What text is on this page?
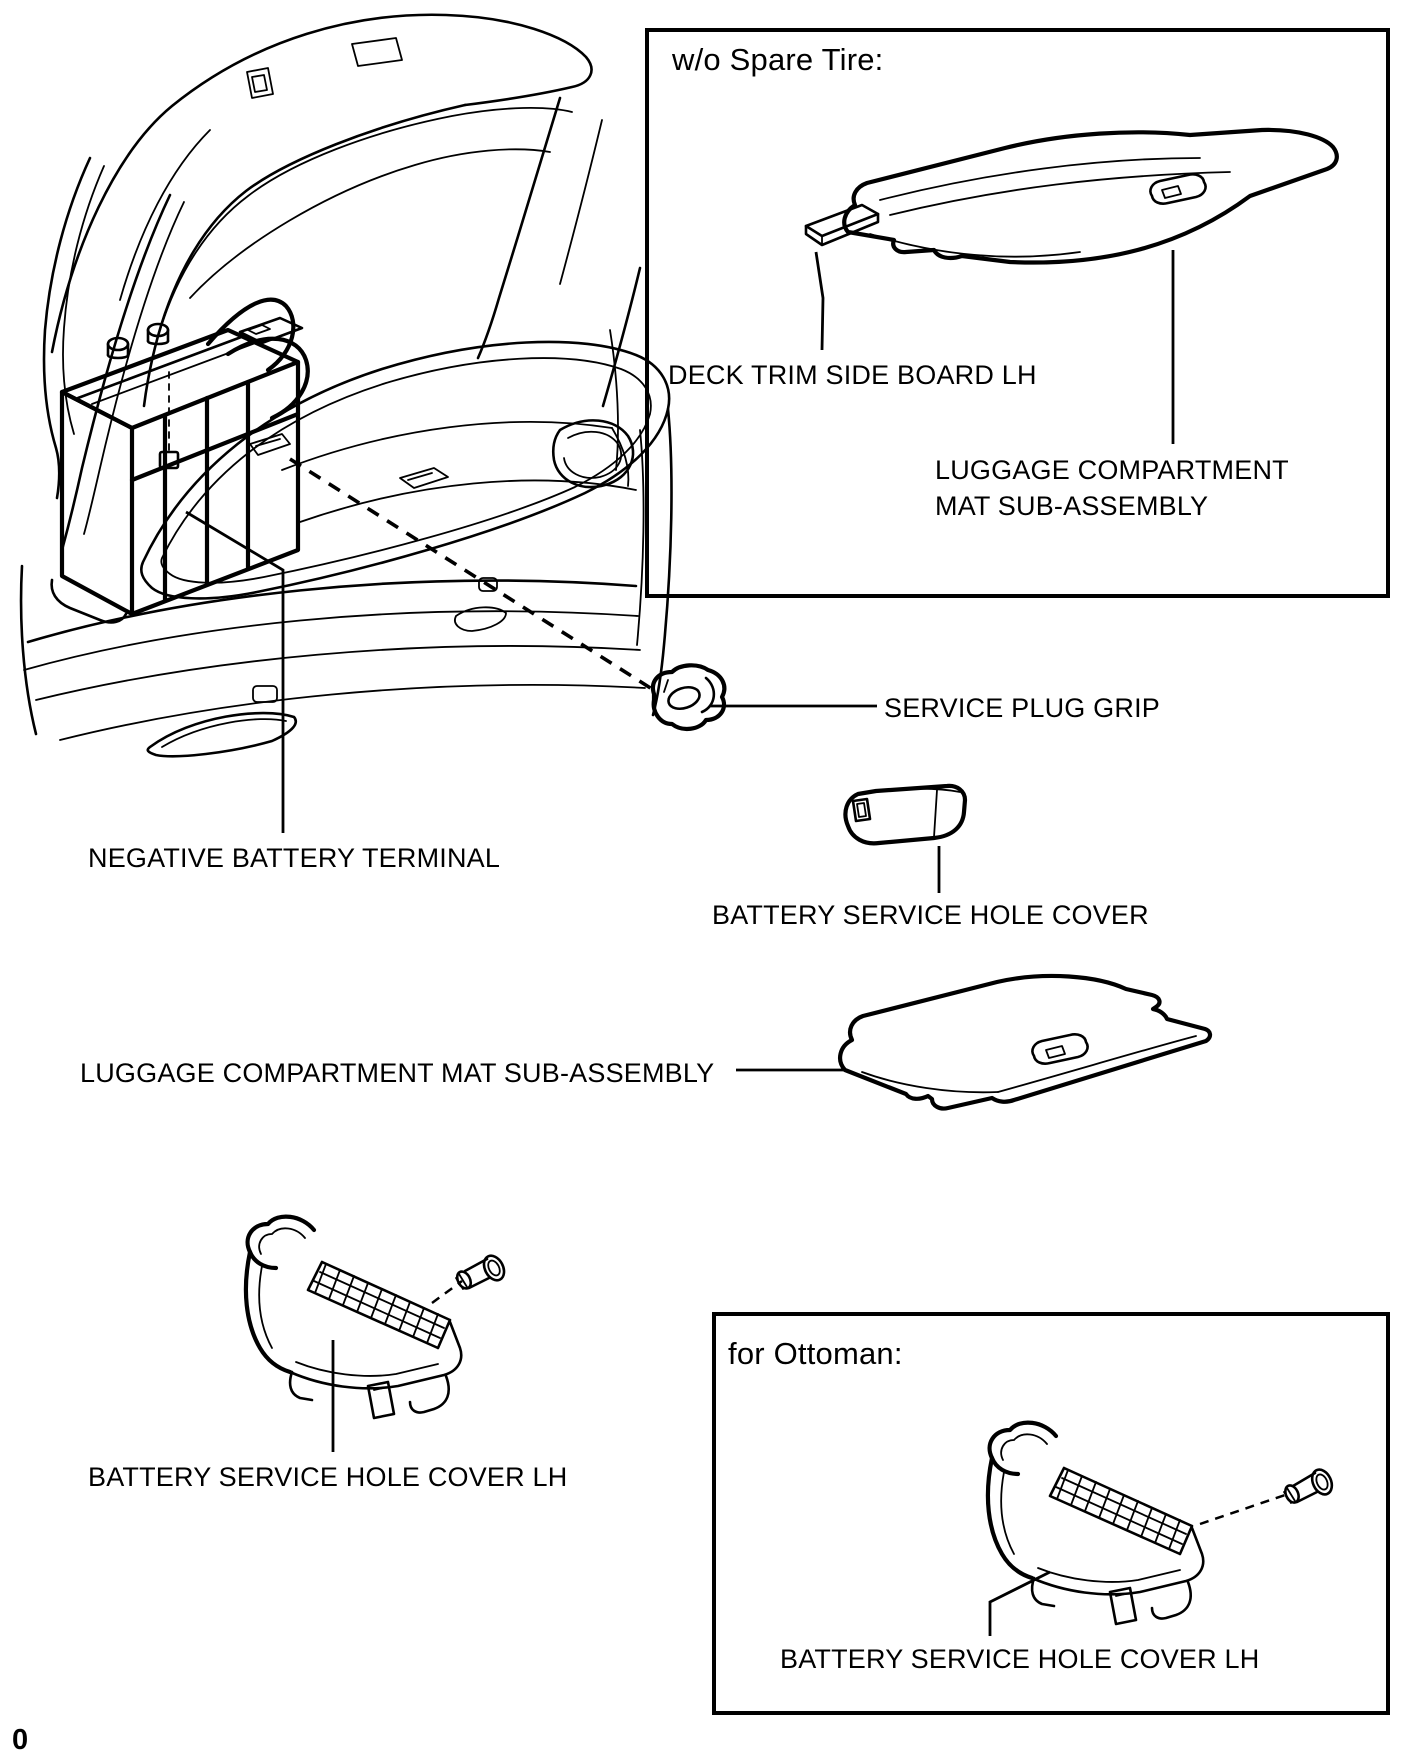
w/o Spare Tire:
DECK TRIM SIDE BOARD LH
LUGGAGE COMPARTMENT
MAT SUB-ASSEMBLY
SERVICE PLUG GRIP
BATTERY SERVICE HOLE COVER
NEGATIVE BATTERY TERMINAL
LUGGAGE COMPARTMENT MAT SUB-ASSEMBLY
BATTERY SERVICE HOLE COVER LH
for Ottoman:
BATTERY SERVICE HOLE COVER LH
0
